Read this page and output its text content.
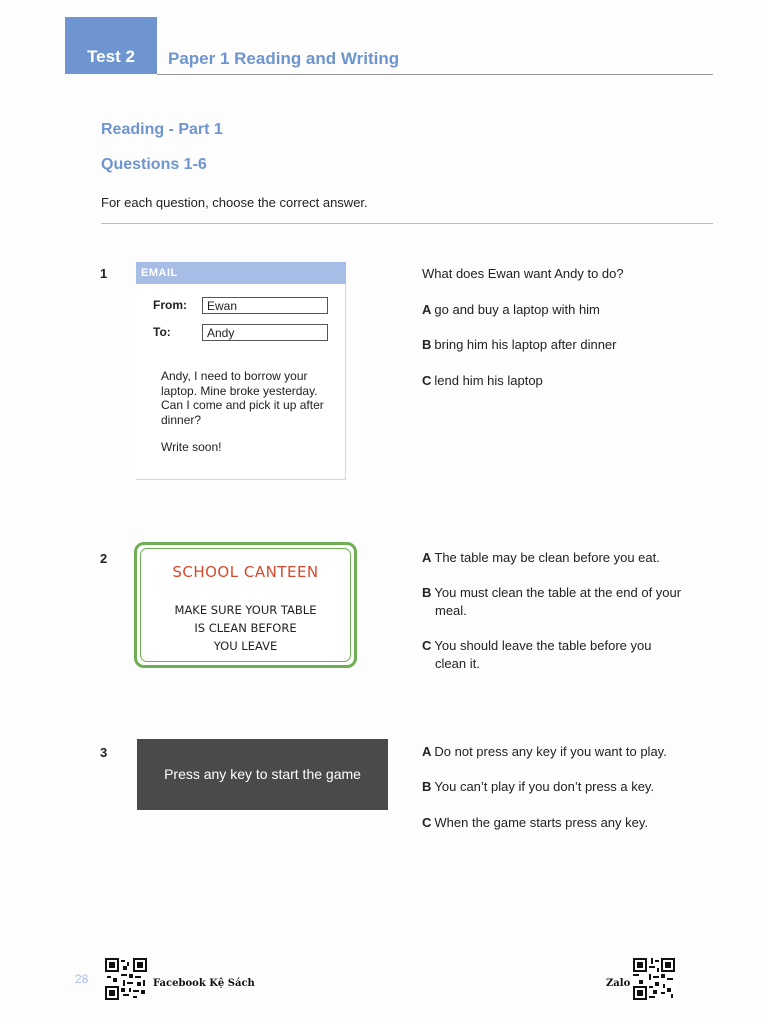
Test 2	Paper 1 Reading and Writing
Reading - Part 1
Questions 1-6
For each question, choose the correct answer.
1	EMAIL
From:	Ewan
To:	Andy
Andy, I need to borrow your laptop. Mine broke yesterday. Can I come and pick it up after dinner?
Write soon!
What does Ewan want Andy to do?
A go and buy a laptop with him
B bring him his laptop after dinner
C lend him his laptop
2
SCHOOL CANTEEN
MAKE SURE YOUR TABLE
IS CLEAN BEFORE
YOU LEAVE
A The table may be clean before you eat.
B You must clean the table at the end of your
meal.
C You should leave the table before you
clean it.
3
Press any key to start the game
A Do not press any key if you want to play.
B You can’t play if you don’t press a key.
C When the game starts press any key.
28	Facebook Kệ Sách	Zalo
